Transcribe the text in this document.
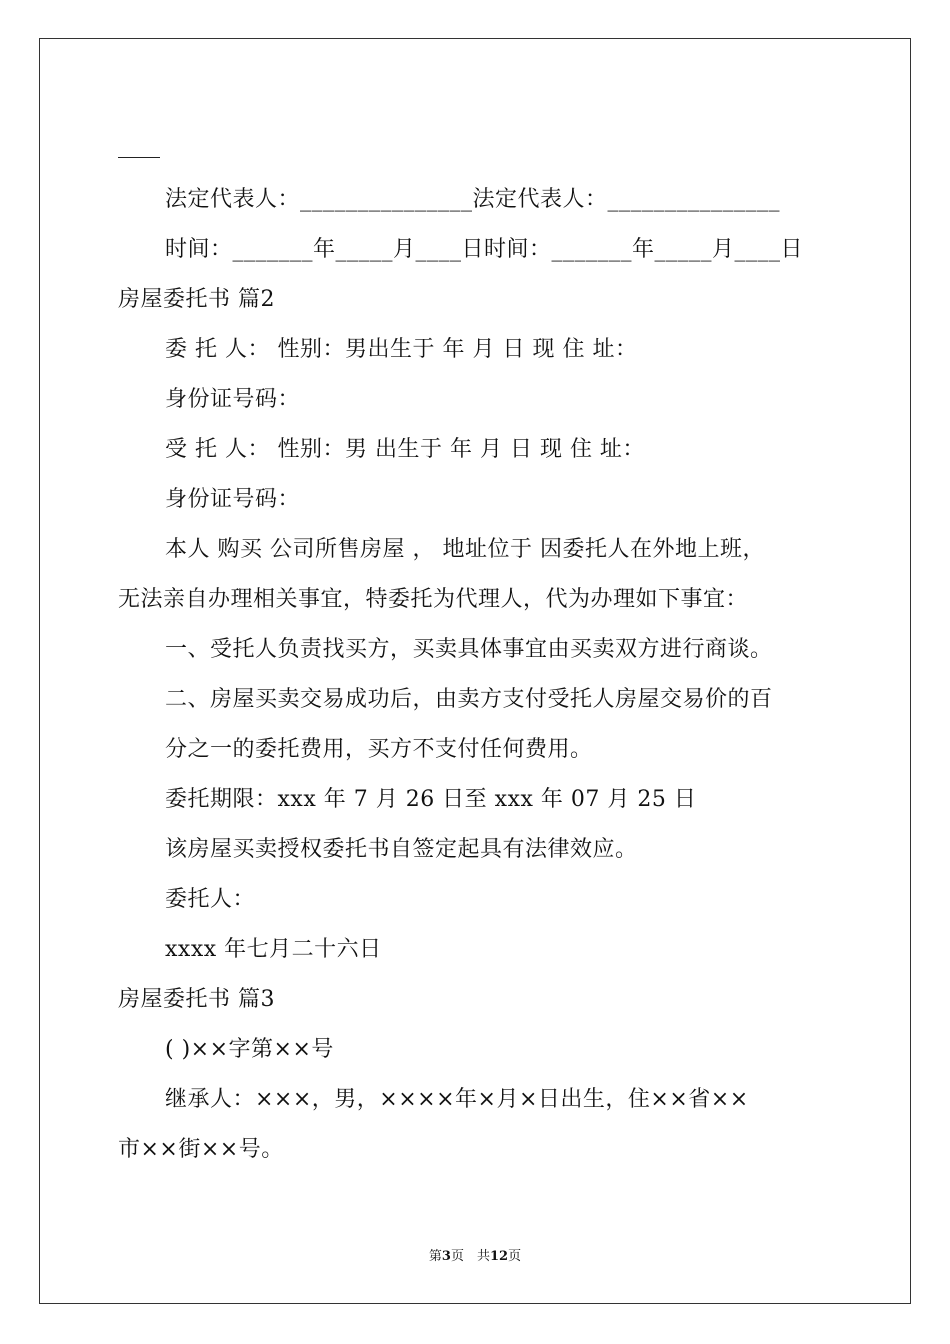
法定代表人：_______________法定代表人：_______________
时间：_______年_____月____日时间：_______年_____月____日
房屋委托书 篇2
委 托 人： 性别：男出生于 年 月 日 现 住 址：
身份证号码：
受 托 人： 性别：男 出生于 年 月 日 现 住 址：
身份证号码：
本人 购买 公司所售房屋 ， 地址位于 因委托人在外地上班，
无法亲自办理相关事宜，特委托为代理人，代为办理如下事宜：
一、受托人负责找买方，买卖具体事宜由买卖双方进行商谈。
二、房屋买卖交易成功后，由卖方支付受托人房屋交易价的百
分之一的委托费用，买方不支付任何费用。
委托期限：xxx 年 7 月 26 日至 xxx 年 07 月 25 日
该房屋买卖授权委托书自签定起具有法律效应。
委托人：
xxxx 年七月二十六日
房屋委托书 篇3
( )××字第××号
继承人：×××，男，××××年×月×日出生，住××省××
市××街××号。
第3页　共12页
